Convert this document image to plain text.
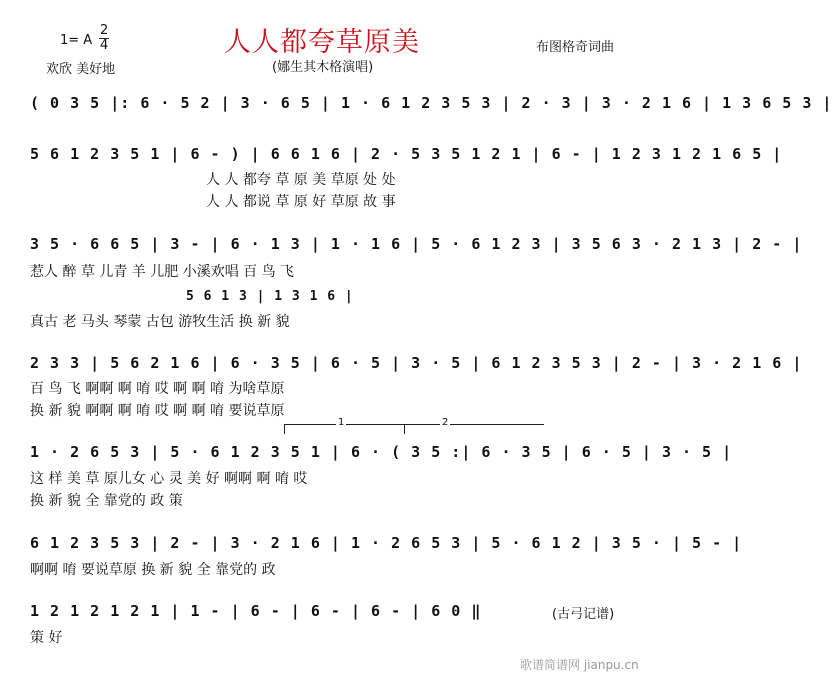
1= A
2
4
欢欣 美好地
人人都夸草原美	布图格奇词曲
(娜生其木格演唱)
( 0 3 5 |: 6 · 5 2 | 3 · 6 5 | 1 · 6 1 2 3 5 3 | 2 · 3 | 3 · 2 1 6 | 1 3 6 5 3 |
5 6 1 2 3 5 1 | 6 - ) | 6 6 1 6 | 2 · 5 3 5 1 2 1 | 6 - | 1 2 3 1 2 1 6 5 |
人 人 都夸 草 原 美 草原 处 处
人 人 都说 草 原 好 草原 故 事
3 5 · 6 6 5 | 3 - | 6 · 1 3 | 1 · 1 6 | 5 · 6 1 2 3 | 3 5 6 3 · 2 1 3 | 2 - |
惹人 醉 草 儿青 羊 儿肥 小溪欢唱 百 鸟 飞
5 6 1 3 | 1 3 1 6 |
真古 老 马头 琴蒙 古包 游牧生活 换 新 貌
2 3 3 | 5 6 2 1 6 | 6 · 3 5 | 6 · 5 | 3 · 5 | 6 1 2 3 5 3 | 2 - | 3 · 2 1 6 |
百 鸟 飞 啊啊 啊 唷 哎 啊 啊 唷 为啥草原
换 新 貌 啊啊 啊 唷 哎 啊 啊 唷 要说草原
1	2
1 · 2 6 5 3 | 5 · 6 1 2 3 5 1 | 6 · ( 3 5 :| 6 · 3 5 | 6 · 5 | 3 · 5 |
这 样 美 草 原儿女 心 灵 美 好 啊啊 啊 唷 哎
换 新 貌 全 靠党的 政 策
6 1 2 3 5 3 | 2 - | 3 · 2 1 6 | 1 · 2 6 5 3 | 5 · 6 1 2 | 3 5 · | 5 - |
啊啊 唷 要说草原 换 新 貌 全 靠党的 政
1 2 1 2 1 2 1 | 1 - | 6 - | 6 - | 6 - | 6 0 ‖
策 好
(古弓记谱)
歌谱简谱网 jianpu.cn
